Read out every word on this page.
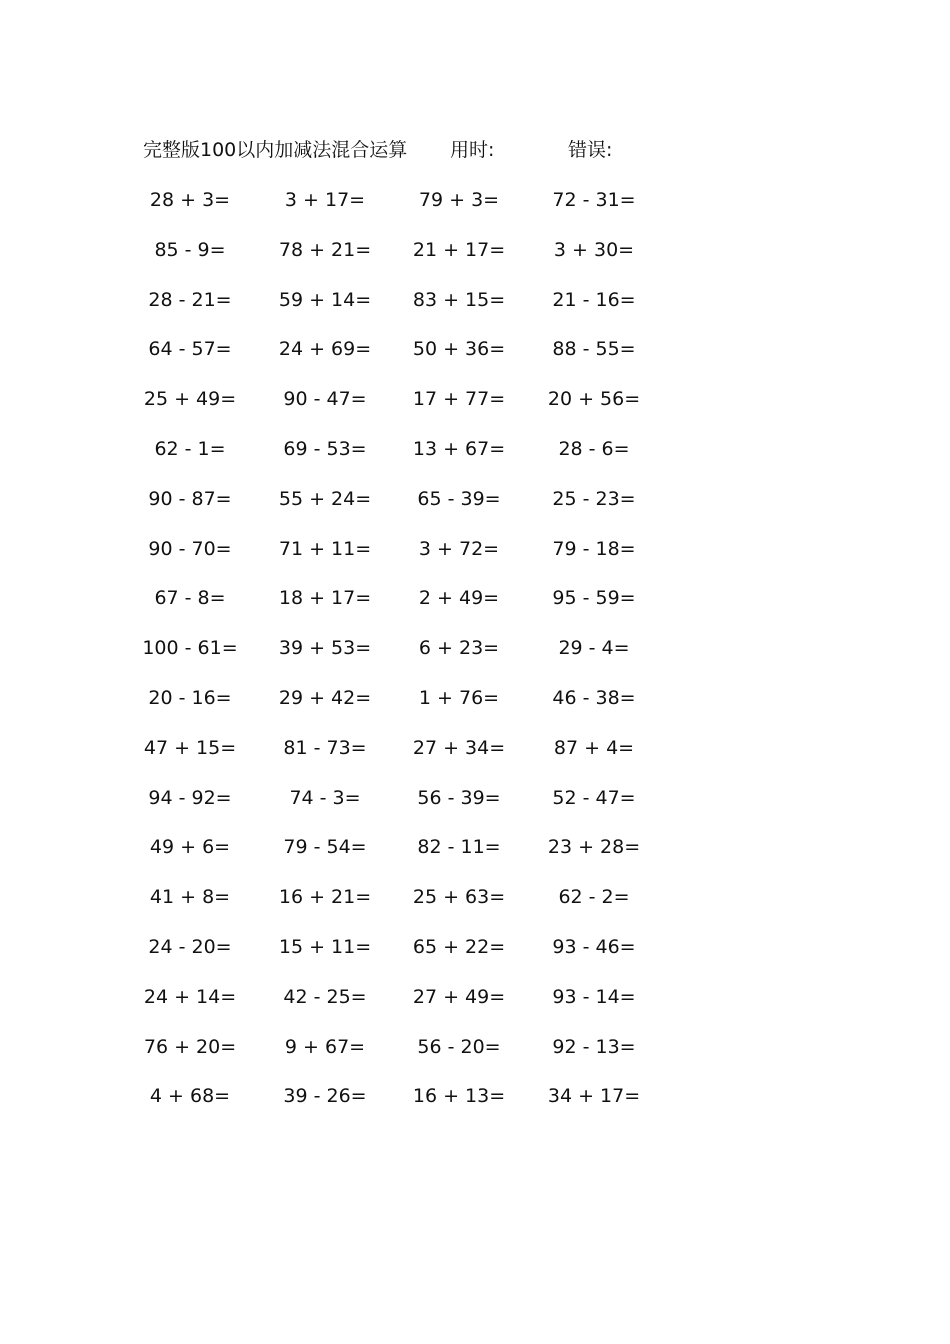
完整版100以内加减法混合运算 用时:	错误:
28 + 3=	3 + 17=	79 + 3=	72 - 31=
85 - 9=	78 + 21=	21 + 17=	3 + 30=
28 - 21=	59 + 14=	83 + 15=	21 - 16=
64 - 57=	24 + 69=	50 + 36=	88 - 55=
25 + 49=	90 - 47=	17 + 77=	20 + 56=
62 - 1=	69 - 53=	13 + 67=	28 - 6=
90 - 87=	55 + 24=	65 - 39=	25 - 23=
90 - 70=	71 + 11=	3 + 72=	79 - 18=
67 - 8=	18 + 17=	2 + 49=	95 - 59=
100 - 61=	39 + 53=	6 + 23=	29 - 4=
20 - 16=	29 + 42=	1 + 76=	46 - 38=
47 + 15=	81 - 73=	27 + 34=	87 + 4=
94 - 92=	74 - 3=	56 - 39=	52 - 47=
49 + 6=	79 - 54=	82 - 11=	23 + 28=
41 + 8=	16 + 21=	25 + 63=	62 - 2=
24 - 20=	15 + 11=	65 + 22=	93 - 46=
24 + 14=	42 - 25=	27 + 49=	93 - 14=
76 + 20=	9 + 67=	56 - 20=	92 - 13=
4 + 68=	39 - 26=	16 + 13=	34 + 17=
